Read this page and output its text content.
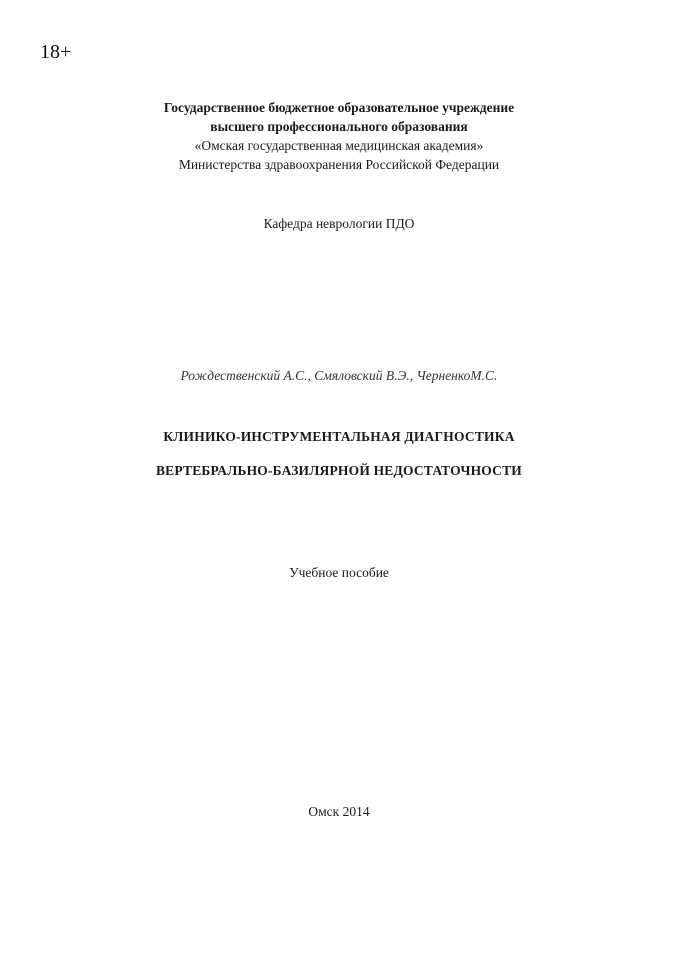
18+
Государственное бюджетное образовательное учреждение
высшего профессионального образования
«Омская государственная медицинская академия»
Министерства здравоохранения Российской Федерации
Кафедра неврологии ПДО
Рождественский А.С., Смяловский В.Э., ЧерненкоМ.С.
КЛИНИКО-ИНСТРУМЕНТАЛЬНАЯ ДИАГНОСТИКА
ВЕРТЕБРАЛЬНО-БАЗИЛЯРНОЙ НЕДОСТАТОЧНОСТИ
Учебное пособие
Омск 2014
